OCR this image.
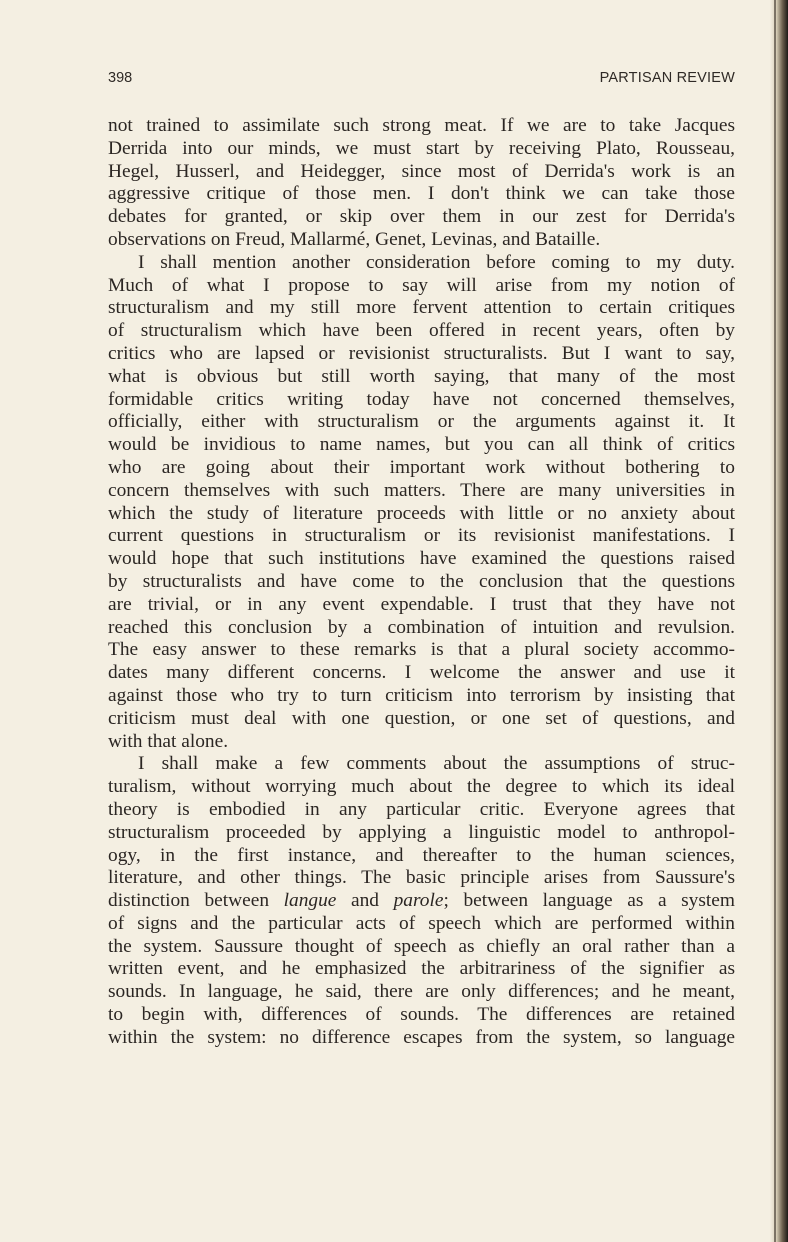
398	PARTISAN REVIEW
not trained to assimilate such strong meat. If we are to take Jacques
Derrida into our minds, we must start by receiving Plato, Rousseau,
Hegel, Husserl, and Heidegger, since most of Derrida's work is an
aggressive critique of those men. I don't think we can take those
debates for granted, or skip over them in our zest for Derrida's
observations on Freud, Mallarmé, Genet, Levinas, and Bataille.
I shall mention another consideration before coming to my duty.
Much of what I propose to say will arise from my notion of
structuralism and my still more fervent attention to certain critiques
of structuralism which have been offered in recent years, often by
critics who are lapsed or revisionist structuralists. But I want to say,
what is obvious but still worth saying, that many of the most
formidable critics writing today have not concerned themselves,
officially, either with structuralism or the arguments against it. It
would be invidious to name names, but you can all think of critics
who are going about their important work without bothering to
concern themselves with such matters. There are many universities in
which the study of literature proceeds with little or no anxiety about
current questions in structuralism or its revisionist manifestations. I
would hope that such institutions have examined the questions raised
by structuralists and have come to the conclusion that the questions
are trivial, or in any event expendable. I trust that they have not
reached this conclusion by a combination of intuition and revulsion.
The easy answer to these remarks is that a plural society accommo-
dates many different concerns. I welcome the answer and use it
against those who try to turn criticism into terrorism by insisting that
criticism must deal with one question, or one set of questions, and
with that alone.
I shall make a few comments about the assumptions of struc-
turalism, without worrying much about the degree to which its ideal
theory is embodied in any particular critic. Everyone agrees that
structuralism proceeded by applying a linguistic model to anthropol-
ogy, in the first instance, and thereafter to the human sciences,
literature, and other things. The basic principle arises from Saussure's
distinction between langue and parole; between language as a system
of signs and the particular acts of speech which are performed within
the system. Saussure thought of speech as chiefly an oral rather than a
written event, and he emphasized the arbitrariness of the signifier as
sounds. In language, he said, there are only differences; and he meant,
to begin with, differences of sounds. The differences are retained
within the system: no difference escapes from the system, so language
